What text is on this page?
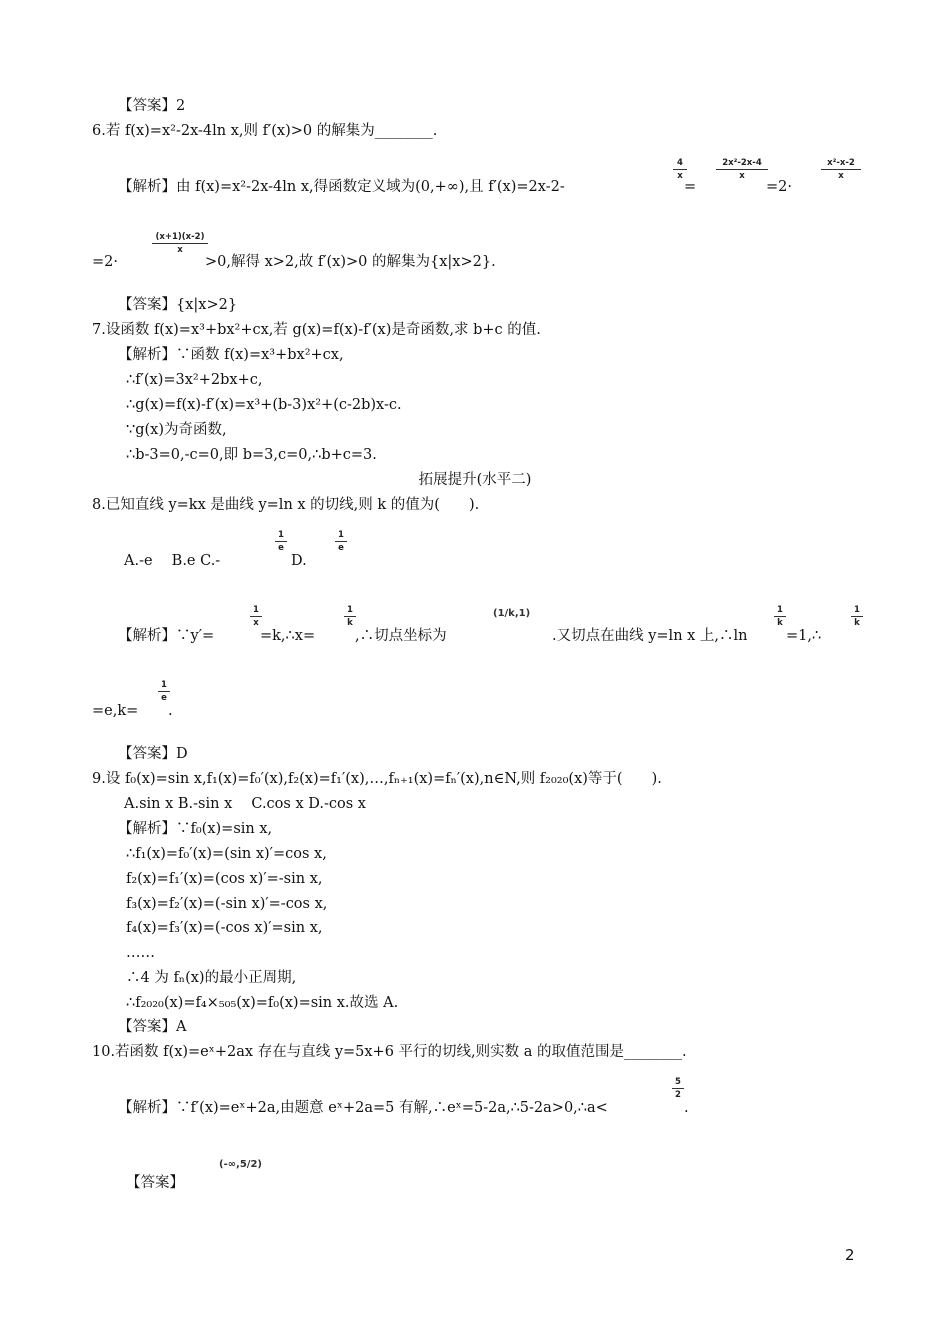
【答案】2
6.若 f(x)=x²-2x-4ln x,则 f′(x)>0 的解集为________.
【解析】由 f(x)=x²-2x-4ln x,得函数定义域为(0,+∞),且 f′(x)=2x-2-	=	=2·
=2·	>0,解得 x>2,故 f′(x)>0 的解集为{x|x>2}.
【答案】{x|x>2}
7.设函数 f(x)=x³+bx²+cx,若 g(x)=f(x)-f′(x)是奇函数,求 b+c 的值.
【解析】∵函数 f(x)=x³+bx²+cx,
∴f′(x)=3x²+2bx+c,
∴g(x)=f(x)-f′(x)=x³+(b-3)x²+(c-2b)x-c.
∵g(x)为奇函数,
∴b-3=0,-c=0,即 b=3,c=0,∴b+c=3.
拓展提升(水平二)
8.已知直线 y=kx 是曲线 y=ln x 的切线,则 k 的值为(　　).
A.-e　 B.e C.-	D.
【解析】∵y′=	=k,∴x=	,∴切点坐标为	.又切点在曲线 y=ln x 上,∴ln	=1,∴
=e,k= .
【答案】D
9.设 f₀(x)=sin x,f₁(x)=f₀′(x),f₂(x)=f₁′(x),…,fₙ₊₁(x)=fₙ′(x),n∈N,则 f₂₀₂₀(x)等于(　　).
A.sin x B.-sin x　 C.cos x D.-cos x
【解析】∵f₀(x)=sin x,
∴f₁(x)=f₀′(x)=(sin x)′=cos x,
f₂(x)=f₁′(x)=(cos x)′=-sin x,
f₃(x)=f₂′(x)=(-sin x)′=-cos x,
f₄(x)=f₃′(x)=(-cos x)′=sin x,
……
∴4 为 fₙ(x)的最小正周期,
∴f₂₀₂₀(x)=f₄×₅₀₅(x)=f₀(x)=sin x.故选 A.
【答案】A
10.若函数 f(x)=eˣ+2ax 存在与直线 y=5x+6 平行的切线,则实数 a 的取值范围是________.
【解析】∵f′(x)=eˣ+2a,由题意 eˣ+2a=5 有解,∴eˣ=5-2a,∴5-2a>0,∴a<	.
【答案】
4
x
2x²-2x-4
x
x²-x-2
x
(x+1)(x-2)
x
1
e
1
e
1
x
1
k
1
k
1
k
1
e
5
2
(1/k,1)
(-∞,5/2)
2
